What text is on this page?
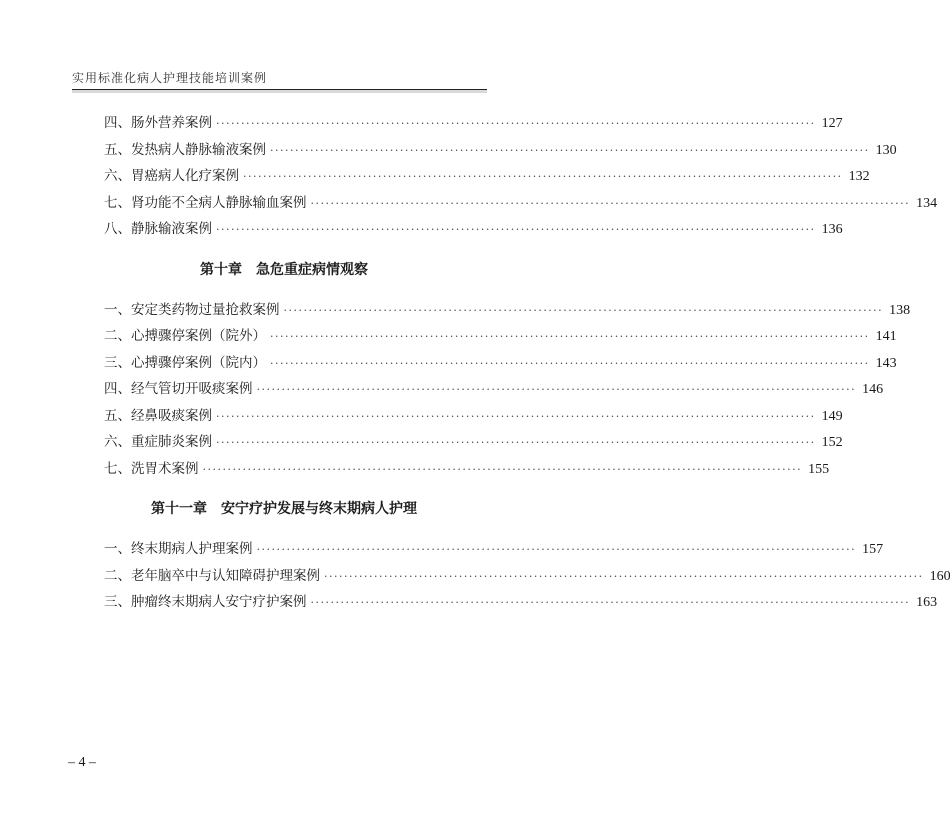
实用标准化病人护理技能培训案例
四、肠外营养案例 ························································································································ 127
五、发热病人静脉输液案例 ························································································································ 130
六、胃癌病人化疗案例 ························································································································ 132
七、肾功能不全病人静脉输血案例 ························································································································ 134
八、静脉输液案例 ························································································································ 136
第十章　急危重症病情观察
一、安定类药物过量抢救案例 ························································································································ 138
二、心搏骤停案例（院外） ························································································································ 141
三、心搏骤停案例（院内） ························································································································ 143
四、经气管切开吸痰案例 ························································································································ 146
五、经鼻吸痰案例 ························································································································ 149
六、重症肺炎案例 ························································································································ 152
七、洗胃术案例 ························································································································ 155
第十一章　安宁疗护发展与终末期病人护理
一、终末期病人护理案例 ························································································································ 157
二、老年脑卒中与认知障碍护理案例 ························································································································ 160
三、肿瘤终末期病人安宁疗护案例 ························································································································ 163
– 4 –
